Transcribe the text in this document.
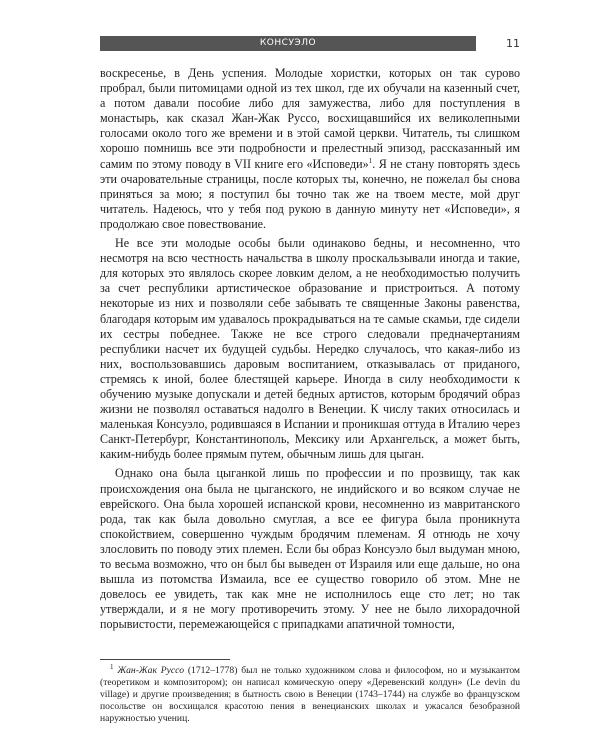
КОНСУЭЛО	11

воскресенье, в День успения. Молодые хористки, которых он так сурово пробрал, были питомицами одной из тех школ, где их обучали на казенный счет, а потом давали пособие либо для замужества, либо для поступления в монастырь, как сказал Жан-Жак Руссо, восхищавшийся их великолепными голосами около того же времени и в этой самой церкви. Читатель, ты слишком хорошо помнишь все эти подробности и прелестный эпизод, рассказанный им самим по этому поводу в VII книге его «Исповеди»$^1$. Я не стану повторять здесь эти очаровательные страницы, после которых ты, конечно, не пожелал бы снова приняться за мою; я поступил бы точно так же на твоем месте, мой друг читатель. Надеюсь, что у тебя под рукою в данную минуту нет «Исповеди», я продолжаю свое повествование.

Не все эти молодые особы были одинаково бедны, и несомненно, что несмотря на всю честность начальства в школу проскальзывали иногда и такие, для которых это являлось скорее ловким делом, а не необходимостью получить за счет республики артистическое образование и пристроиться. А потому некоторые из них и позволяли себе забывать те священные Законы равенства, благодаря которым им удавалось прокрадываться на те самые скамьи, где сидели их сестры победнее. Также не все строго следовали предначертаниям республики насчет их будущей судьбы. Нередко случалось, что какая-либо из них, воспользовавшись даровым воспитанием, отказывалась от приданого, стремясь к иной, более блестящей карьере. Иногда в силу необходимости к обучению музыке допускали и детей бедных артистов, которым бродячий образ жизни не позволял оставаться надолго в Венеции. К числу таких относилась и маленькая Консуэло, родившаяся в Испании и проникшая оттуда в Италию через Санкт-Петербург, Константинополь, Мексику или Архангельск, а может быть, каким-нибудь более прямым путем, обычным лишь для цыган.

Однако она была цыганкой лишь по профессии и по прозвищу, так как происхождения она была не цыганского, не индийского и во всяком случае не еврейского. Она была хорошей испанской крови, несомненно из мавританского рода, так как была довольно смуглая, а все ее фигура была проникнута спокойствием, совершенно чуждым бродячим племенам. Я отнюдь не хочу злословить по поводу этих племен. Если бы образ Консуэло был выдуман мною, то весьма возможно, что он был бы выведен от Израиля или еще дальше, но она вышла из потомства Измаила, все ее существо говорило об этом. Мне не довелось ее увидеть, так как мне не исполнилось еще сто лет; но так утверждали, и я не могу противоречить этому. У нее не было лихорадочной порывистости, перемежающейся с припадками апатичной томности,

$^1$ Жан-Жак Руссо (1712–1778) был не только художником слова и философом, но и музыкантом (теоретиком и композитором); он написал комическую оперу «Деревенский колдун» (Le devin du village) и другие произведения; в бытность свою в Венеции (1743–1744) на службе во французском посольстве он восхищался красотою пения в венецианских школах и ужасался безобразной наружностью учениц.
